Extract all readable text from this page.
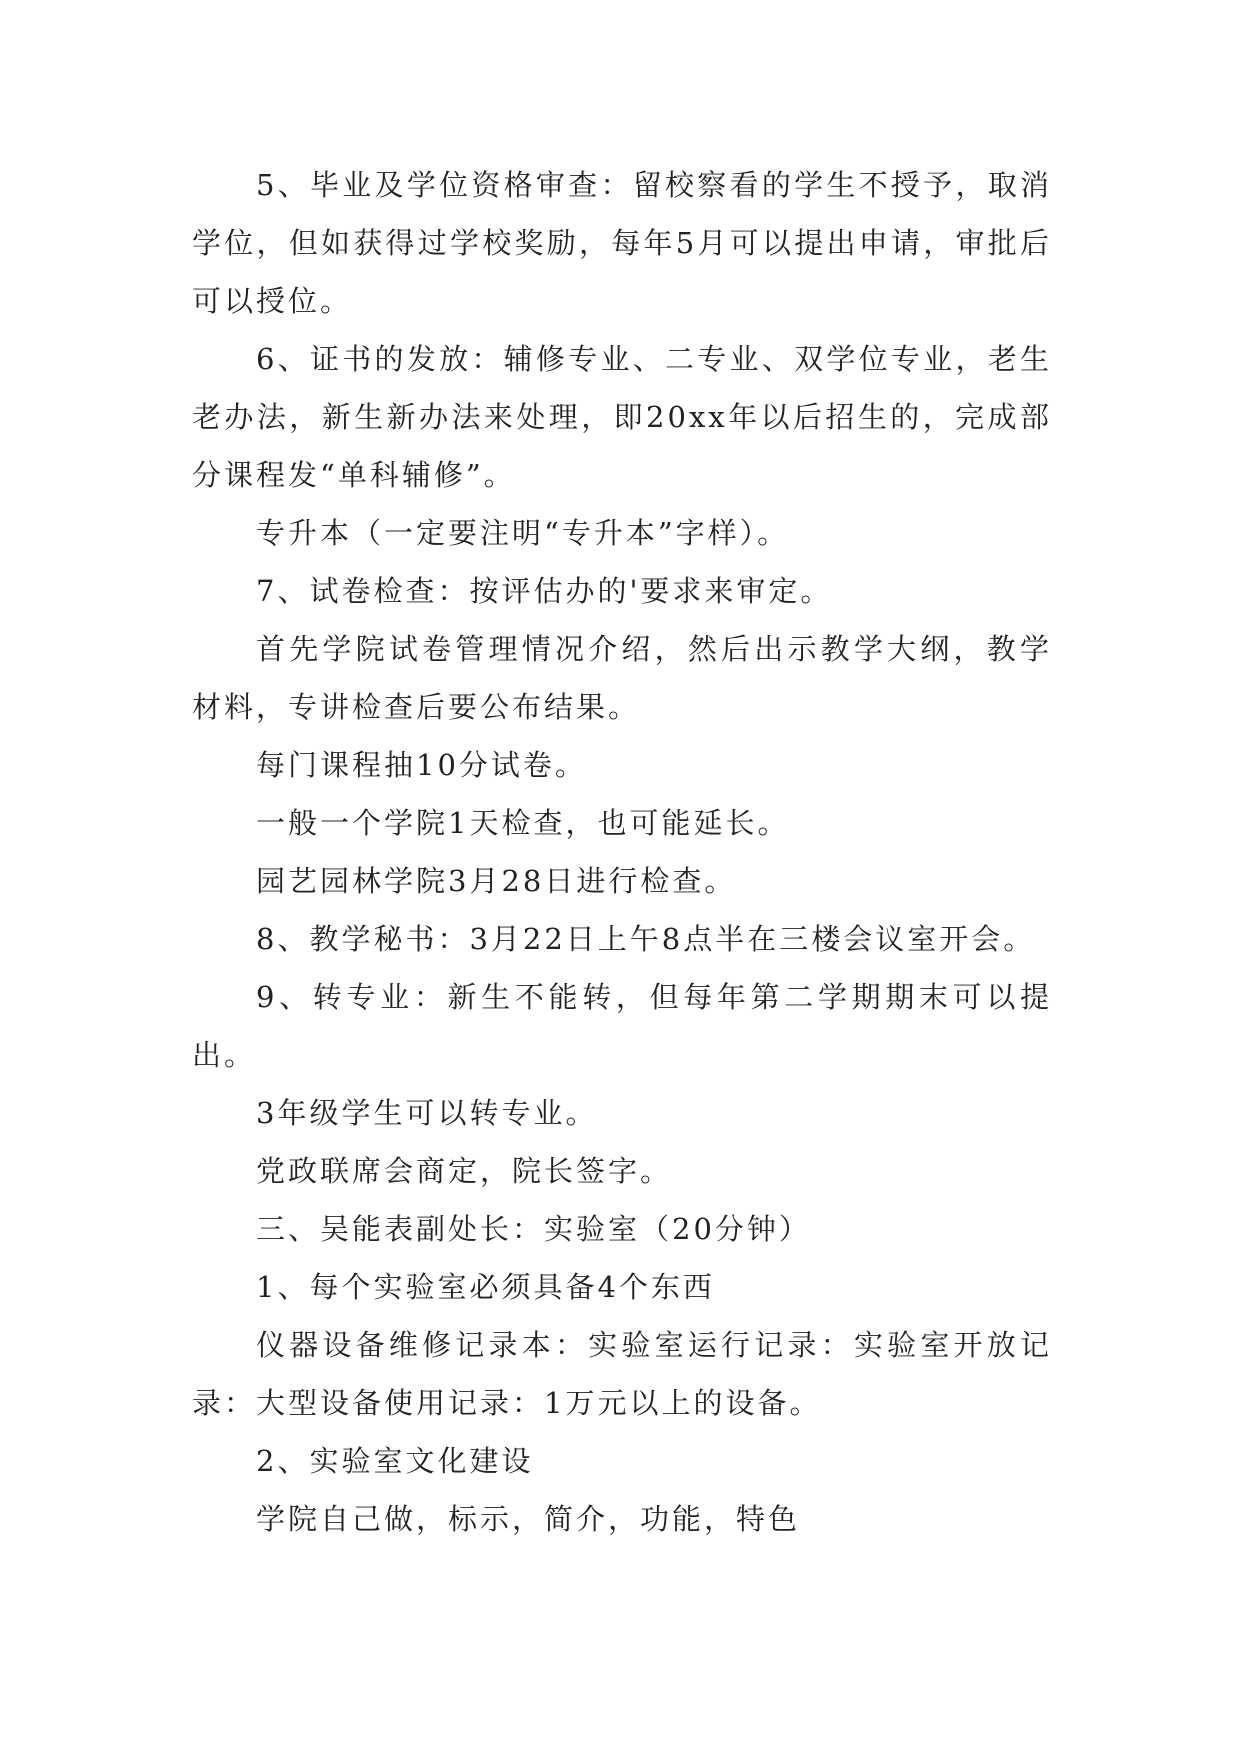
5、毕业及学位资格审查：留校察看的学生不授予，取消学位，但如获得过学校奖励，每年5月可以提出申请，审批后可以授位。

6、证书的发放：辅修专业、二专业、双学位专业，老生老办法，新生新办法来处理，即20xx年以后招生的，完成部分课程发“单科辅修”。

专升本（一定要注明“专升本”字样）。

7、试卷检查：按评估办的'要求来审定。

首先学院试卷管理情况介绍，然后出示教学大纲，教学材料，专讲检查后要公布结果。

每门课程抽10分试卷。

一般一个学院1天检查，也可能延长。

园艺园林学院3月28日进行检查。

8、教学秘书：3月22日上午8点半在三楼会议室开会。

9、转专业：新生不能转，但每年第二学期期末可以提出。

3年级学生可以转专业。

党政联席会商定，院长签字。

三、吴能表副处长：实验室（20分钟）

1、每个实验室必须具备4个东西

仪器设备维修记录本：实验室运行记录：实验室开放记录：大型设备使用记录：1万元以上的设备。

2、实验室文化建设

学院自己做，标示，简介，功能，特色
